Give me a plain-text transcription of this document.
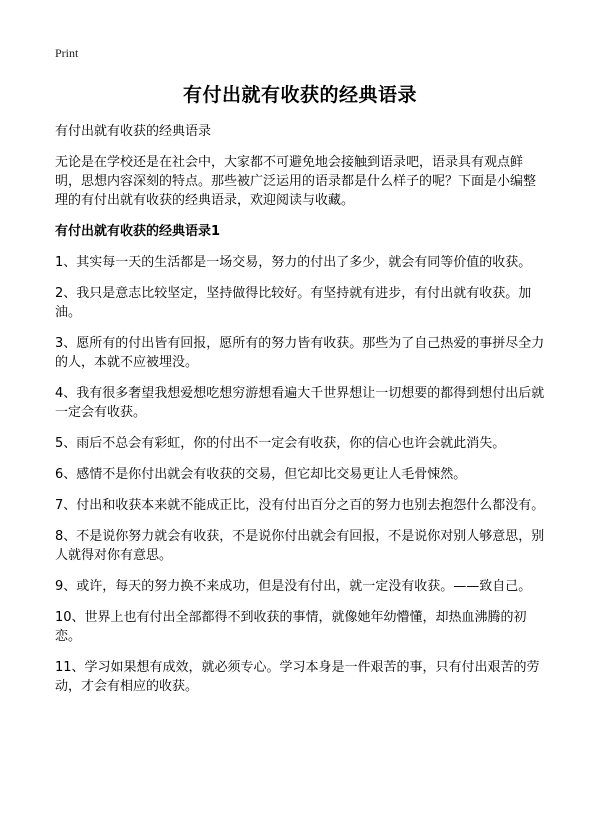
Print
有付出就有收获的经典语录

有付出就有收获的经典语录

无论是在学校还是在社会中，大家都不可避免地会接触到语录吧，语录具有观点鲜明，思想内容深刻的特点。那些被广泛运用的语录都是什么样子的呢？下面是小编整理的有付出就有收获的经典语录，欢迎阅读与收藏。

有付出就有收获的经典语录1

1、其实每一天的生活都是一场交易，努力的付出了多少，就会有同等价值的收获。

2、我只是意志比较坚定，坚持做得比较好。有坚持就有进步，有付出就有收获。加油。

3、愿所有的付出皆有回报，愿所有的努力皆有收获。那些为了自己热爱的事拼尽全力的人，本就不应被埋没。

4、我有很多奢望我想爱想吃想穷游想看遍大千世界想让一切想要的都得到想付出后就一定会有收获。

5、雨后不总会有彩虹，你的付出不一定会有收获，你的信心也许会就此消失。

6、感情不是你付出就会有收获的交易，但它却比交易更让人毛骨悚然。

7、付出和收获本来就不能成正比，没有付出百分之百的努力也别去抱怨什么都没有。

8、不是说你努力就会有收获，不是说你付出就会有回报，不是说你对别人够意思，别人就得对你有意思。

9、或许，每天的努力换不来成功，但是没有付出，就一定没有收获。——致自己。

10、世界上也有付出全部都得不到收获的事情，就像她年幼懵懂，却热血沸腾的初恋。

11、学习如果想有成效，就必须专心。学习本身是一件艰苦的事，只有付出艰苦的劳动，才会有相应的收获。
